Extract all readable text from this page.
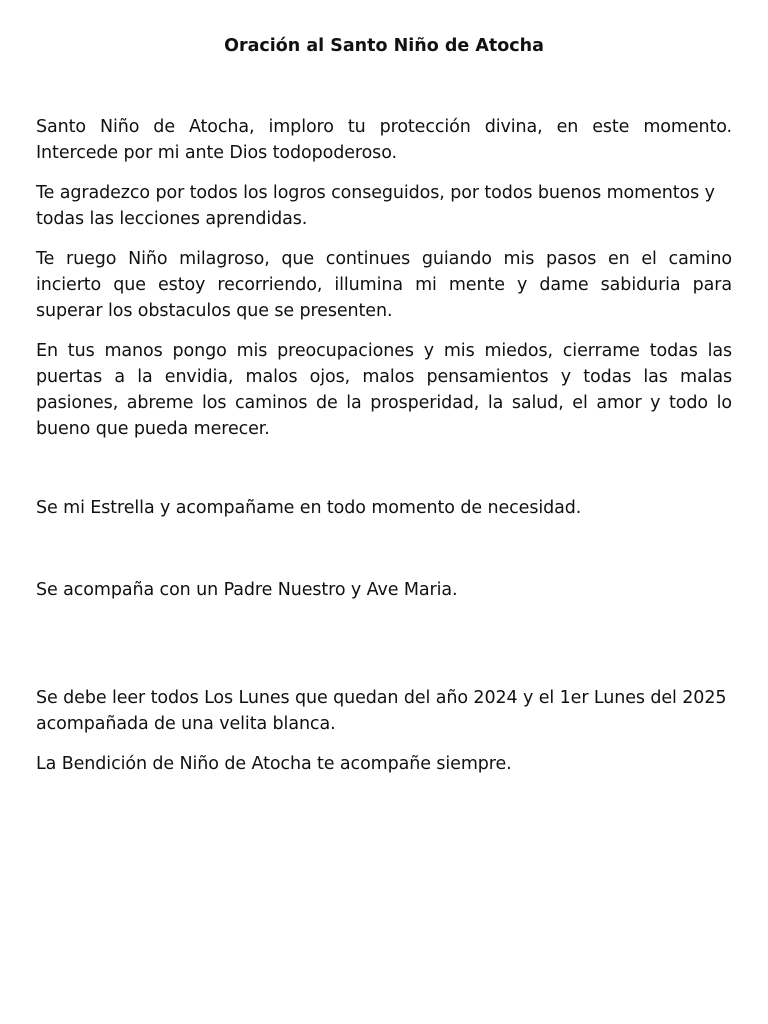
Oración al Santo Niño de Atocha

Santo Niño de Atocha, imploro tu protección divina, en este momento. Intercede por mi ante Dios todopoderoso.

Te agradezco por todos los logros conseguidos, por todos buenos momentos y todas las lecciones aprendidas.

Te ruego Niño milagroso, que continues guiando mis pasos en el camino incierto que estoy recorriendo, illumina mi mente y dame sabiduria para superar los obstaculos que se presenten.

En tus manos pongo mis preocupaciones y mis miedos, cierrame todas las puertas a la envidia, malos ojos, malos pensamientos y todas las malas pasiones, abreme los caminos de la prosperidad, la salud, el amor y todo lo bueno que pueda merecer.

Se mi Estrella y acompañame en todo momento de necesidad.

Se acompaña con un Padre Nuestro y Ave Maria.

Se debe leer todos Los Lunes que quedan del año 2024 y el 1er Lunes del 2025 acompañada de una velita blanca.

La Bendición de Niño de Atocha te acompañe siempre.
